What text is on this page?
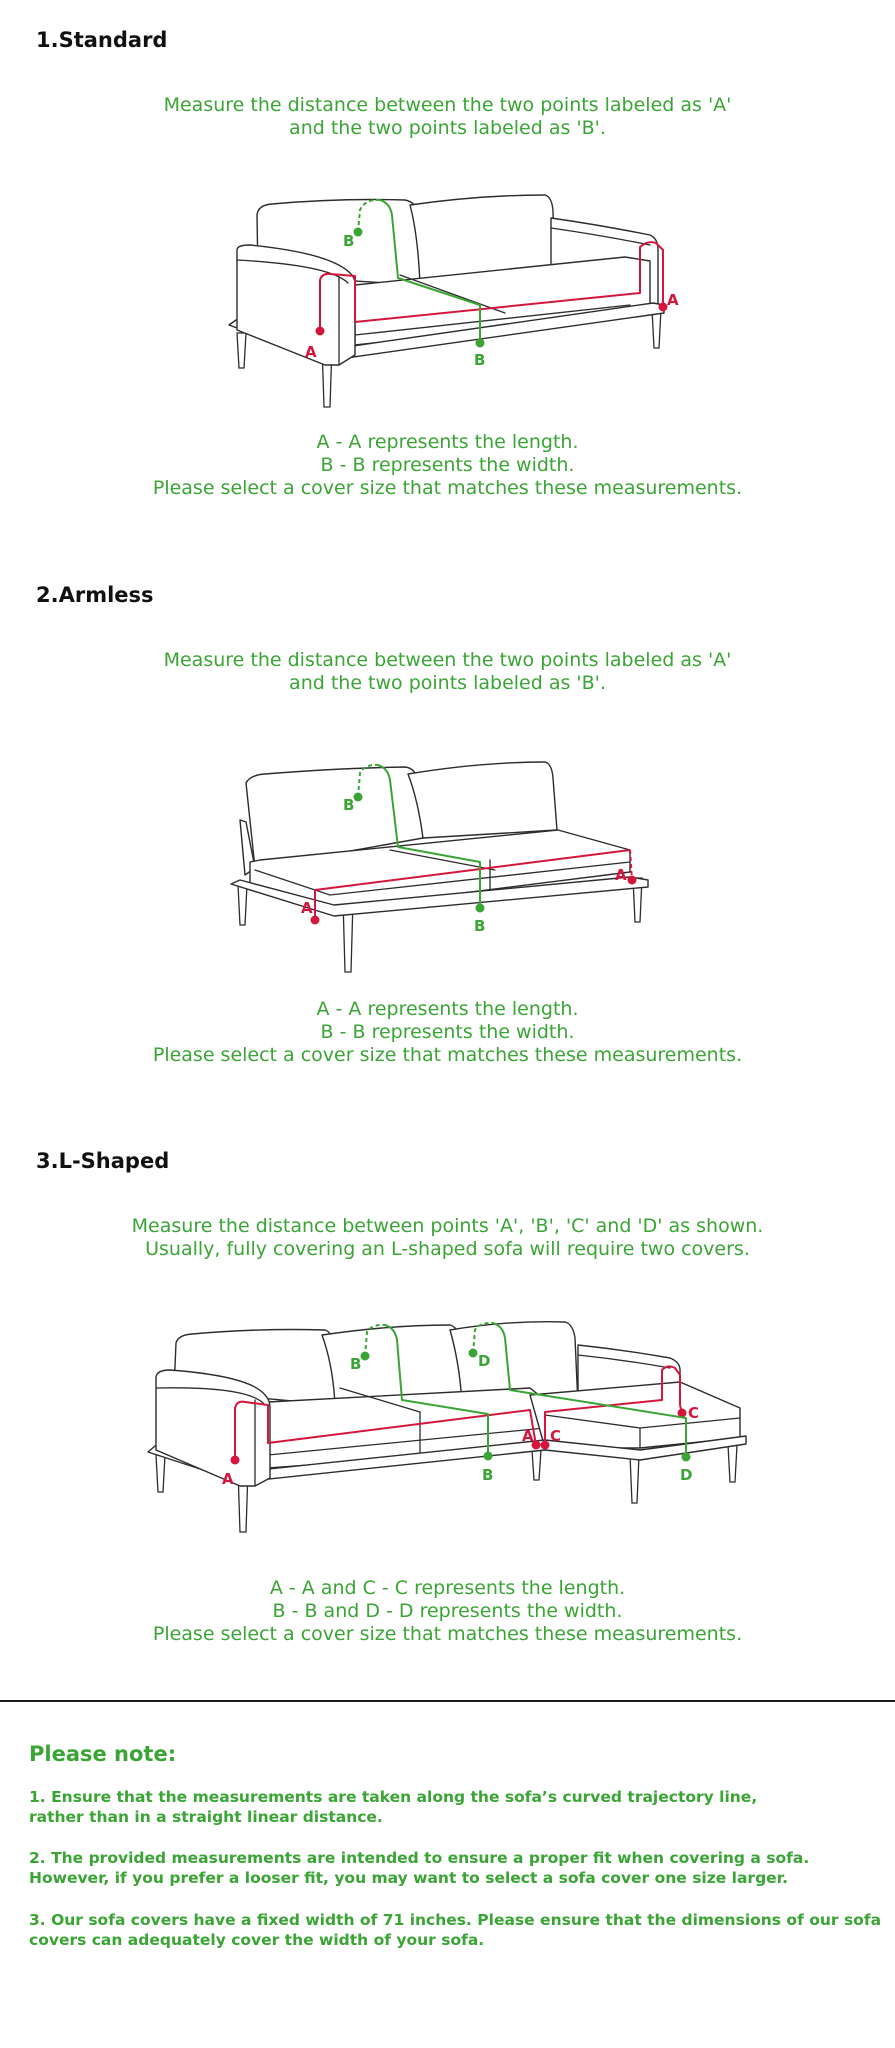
1.Standard
Measure the distance between the two points labeled as 'A'
and the two points labeled as 'B'.
A
A
B
B
A - A represents the length.
B - B represents the width.
Please select a cover size that matches these measurements.
2.Armless
Measure the distance between the two points labeled as 'A'
and the two points labeled as 'B'.
A
A
B
B
A - A represents the length.
B - B represents the width.
Please select a cover size that matches these measurements.
3.L-Shaped
Measure the distance between points 'A', 'B', 'C' and 'D' as shown.
Usually, fully covering an L-shaped sofa will require two covers.
A
A C
C
B
B
D
D
A - A and C - C represents the length.
B - B and D - D represents the width.
Please select a cover size that matches these measurements.
Please note:
1. Ensure that the measurements are taken along the sofa’s curved trajectory line,
rather than in a straight linear distance.
2. The provided measurements are intended to ensure a proper fit when covering a sofa.
However, if you prefer a looser fit, you may want to select a sofa cover one size larger.
3. Our sofa covers have a fixed width of 71 inches. Please ensure that the dimensions of our sofa
covers can adequately cover the width of your sofa.
